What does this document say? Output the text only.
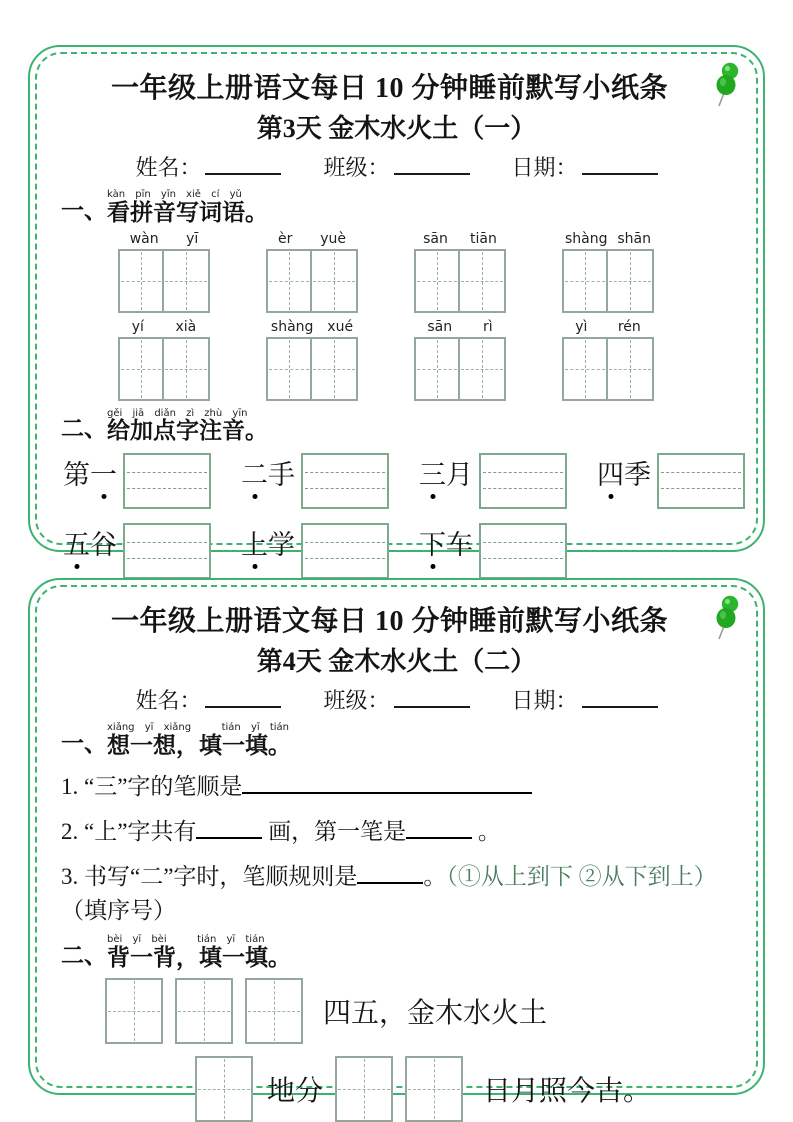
一年级上册语文每日 10 分钟睡前默写小纸条
第3天 金木水火土（一）
姓名：	班级：	日期：
一、
kàn pīn yīn xiě cí yǔ
看拼音写词语。
wàn yī	èr yuè	sān tiān	shàng shān
yí xià	shàng xué	sān rì	yì rén
二、
gěi jiā diǎn zì zhù yīn
给加点字注音。
第一	二手	三月	四季
五谷	上学	下车
一年级上册语文每日 10 分钟睡前默写小纸条
第4天 金木水火土（二）
姓名：	班级：	日期：
一、
xiǎng yī xiǎng   tián yī tián
想一想，填一填。
1. “三”字的笔顺是
2. “上”字共有	画，第一笔是	。
3. 书写“二”字时，笔顺规则是	。（①从上到下 ②从下到上）（填序号）
二、
bèi yī bèi   tián yī tián
背一背，填一填。
四五，金木水火土
地分	日月照今古。
